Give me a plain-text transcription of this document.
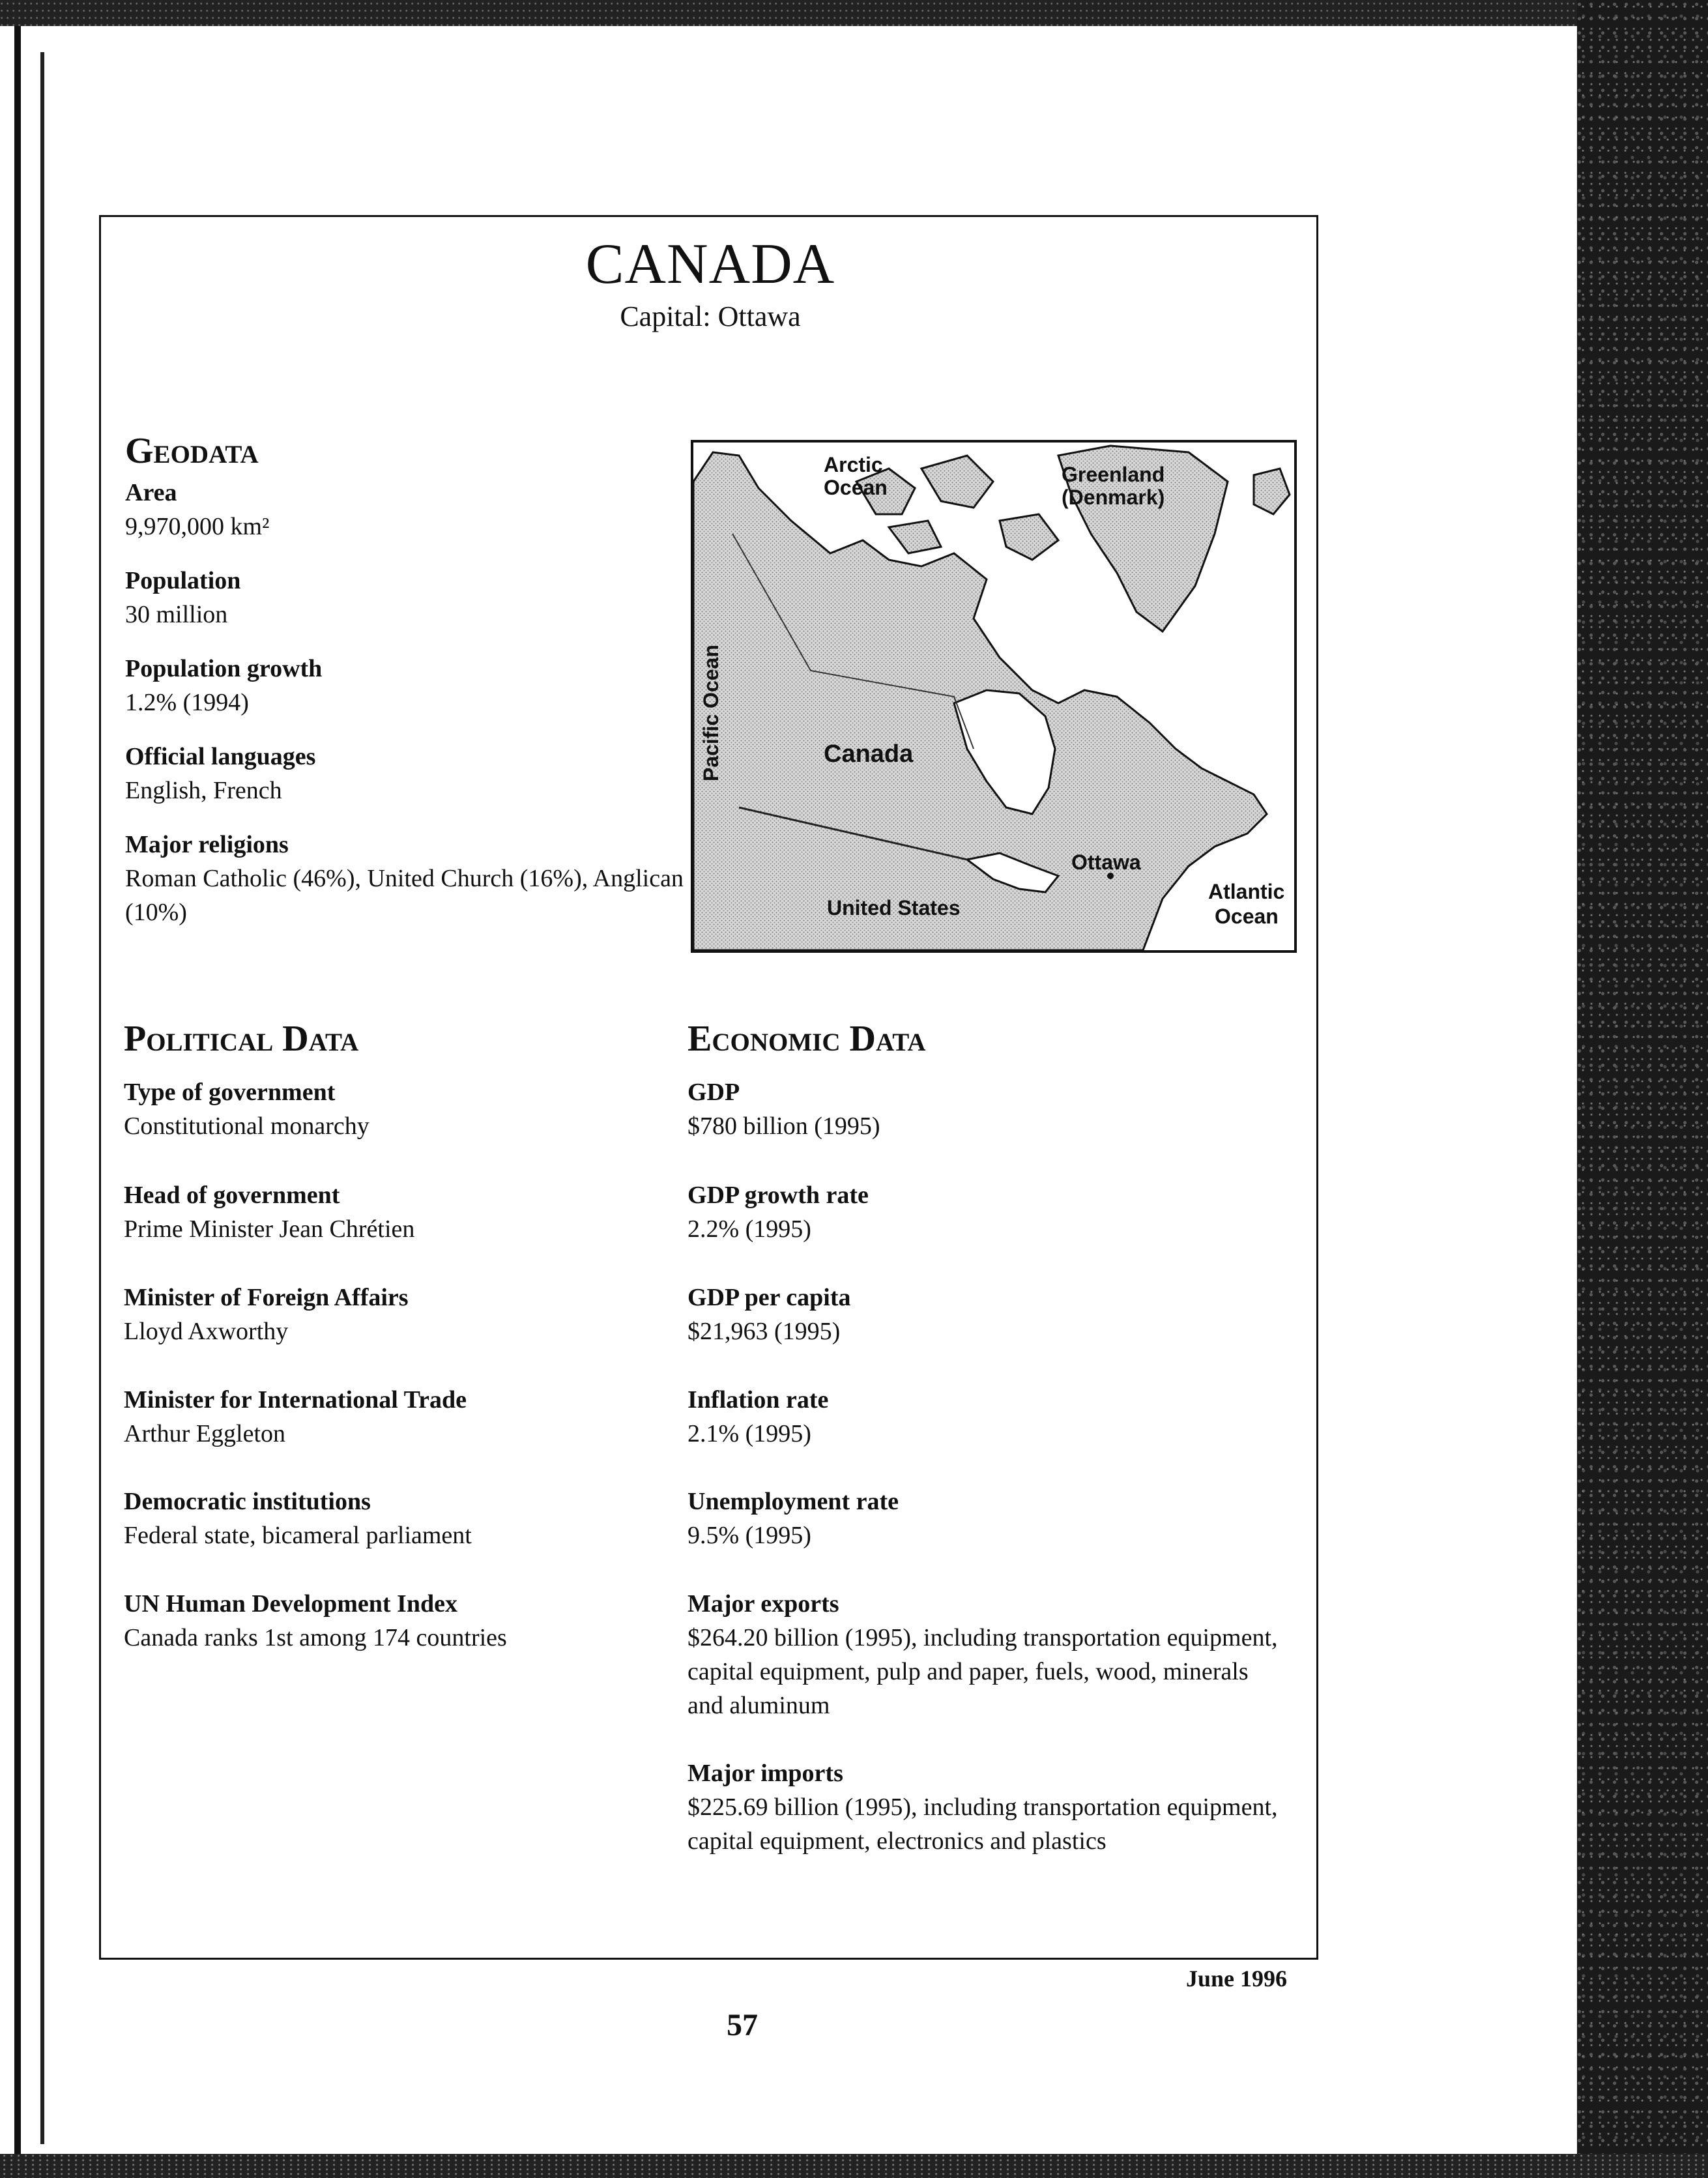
CANADA
Capital: Ottawa
Geodata
Area
9,970,000 km²
Population
30 million
Population growth
1.2% (1994)
Official languages
English, French
Major religions
Roman Catholic (46%), United Church (16%), Anglican (10%)
Arctic
Ocean
Greenland
(Denmark)
Pacific Ocean	Canada
Ottawa
United States
Atlantic
Ocean
Political Data
Type of government
Constitutional monarchy
Head of government
Prime Minister Jean Chrétien
Minister of Foreign Affairs
Lloyd Axworthy
Minister for International Trade
Arthur Eggleton
Democratic institutions
Federal state, bicameral parliament
UN Human Development Index
Canada ranks 1st among 174 countries
Economic Data
GDP
$780 billion (1995)
GDP growth rate
2.2% (1995)
GDP per capita
$21,963 (1995)
Inflation rate
2.1% (1995)
Unemployment rate
9.5% (1995)
Major exports
$264.20 billion (1995), including transportation equipment, capital equipment, pulp and paper, fuels, wood, minerals and aluminum
Major imports
$225.69 billion (1995), including transportation equipment, capital equipment, electronics and plastics
June 1996
57
